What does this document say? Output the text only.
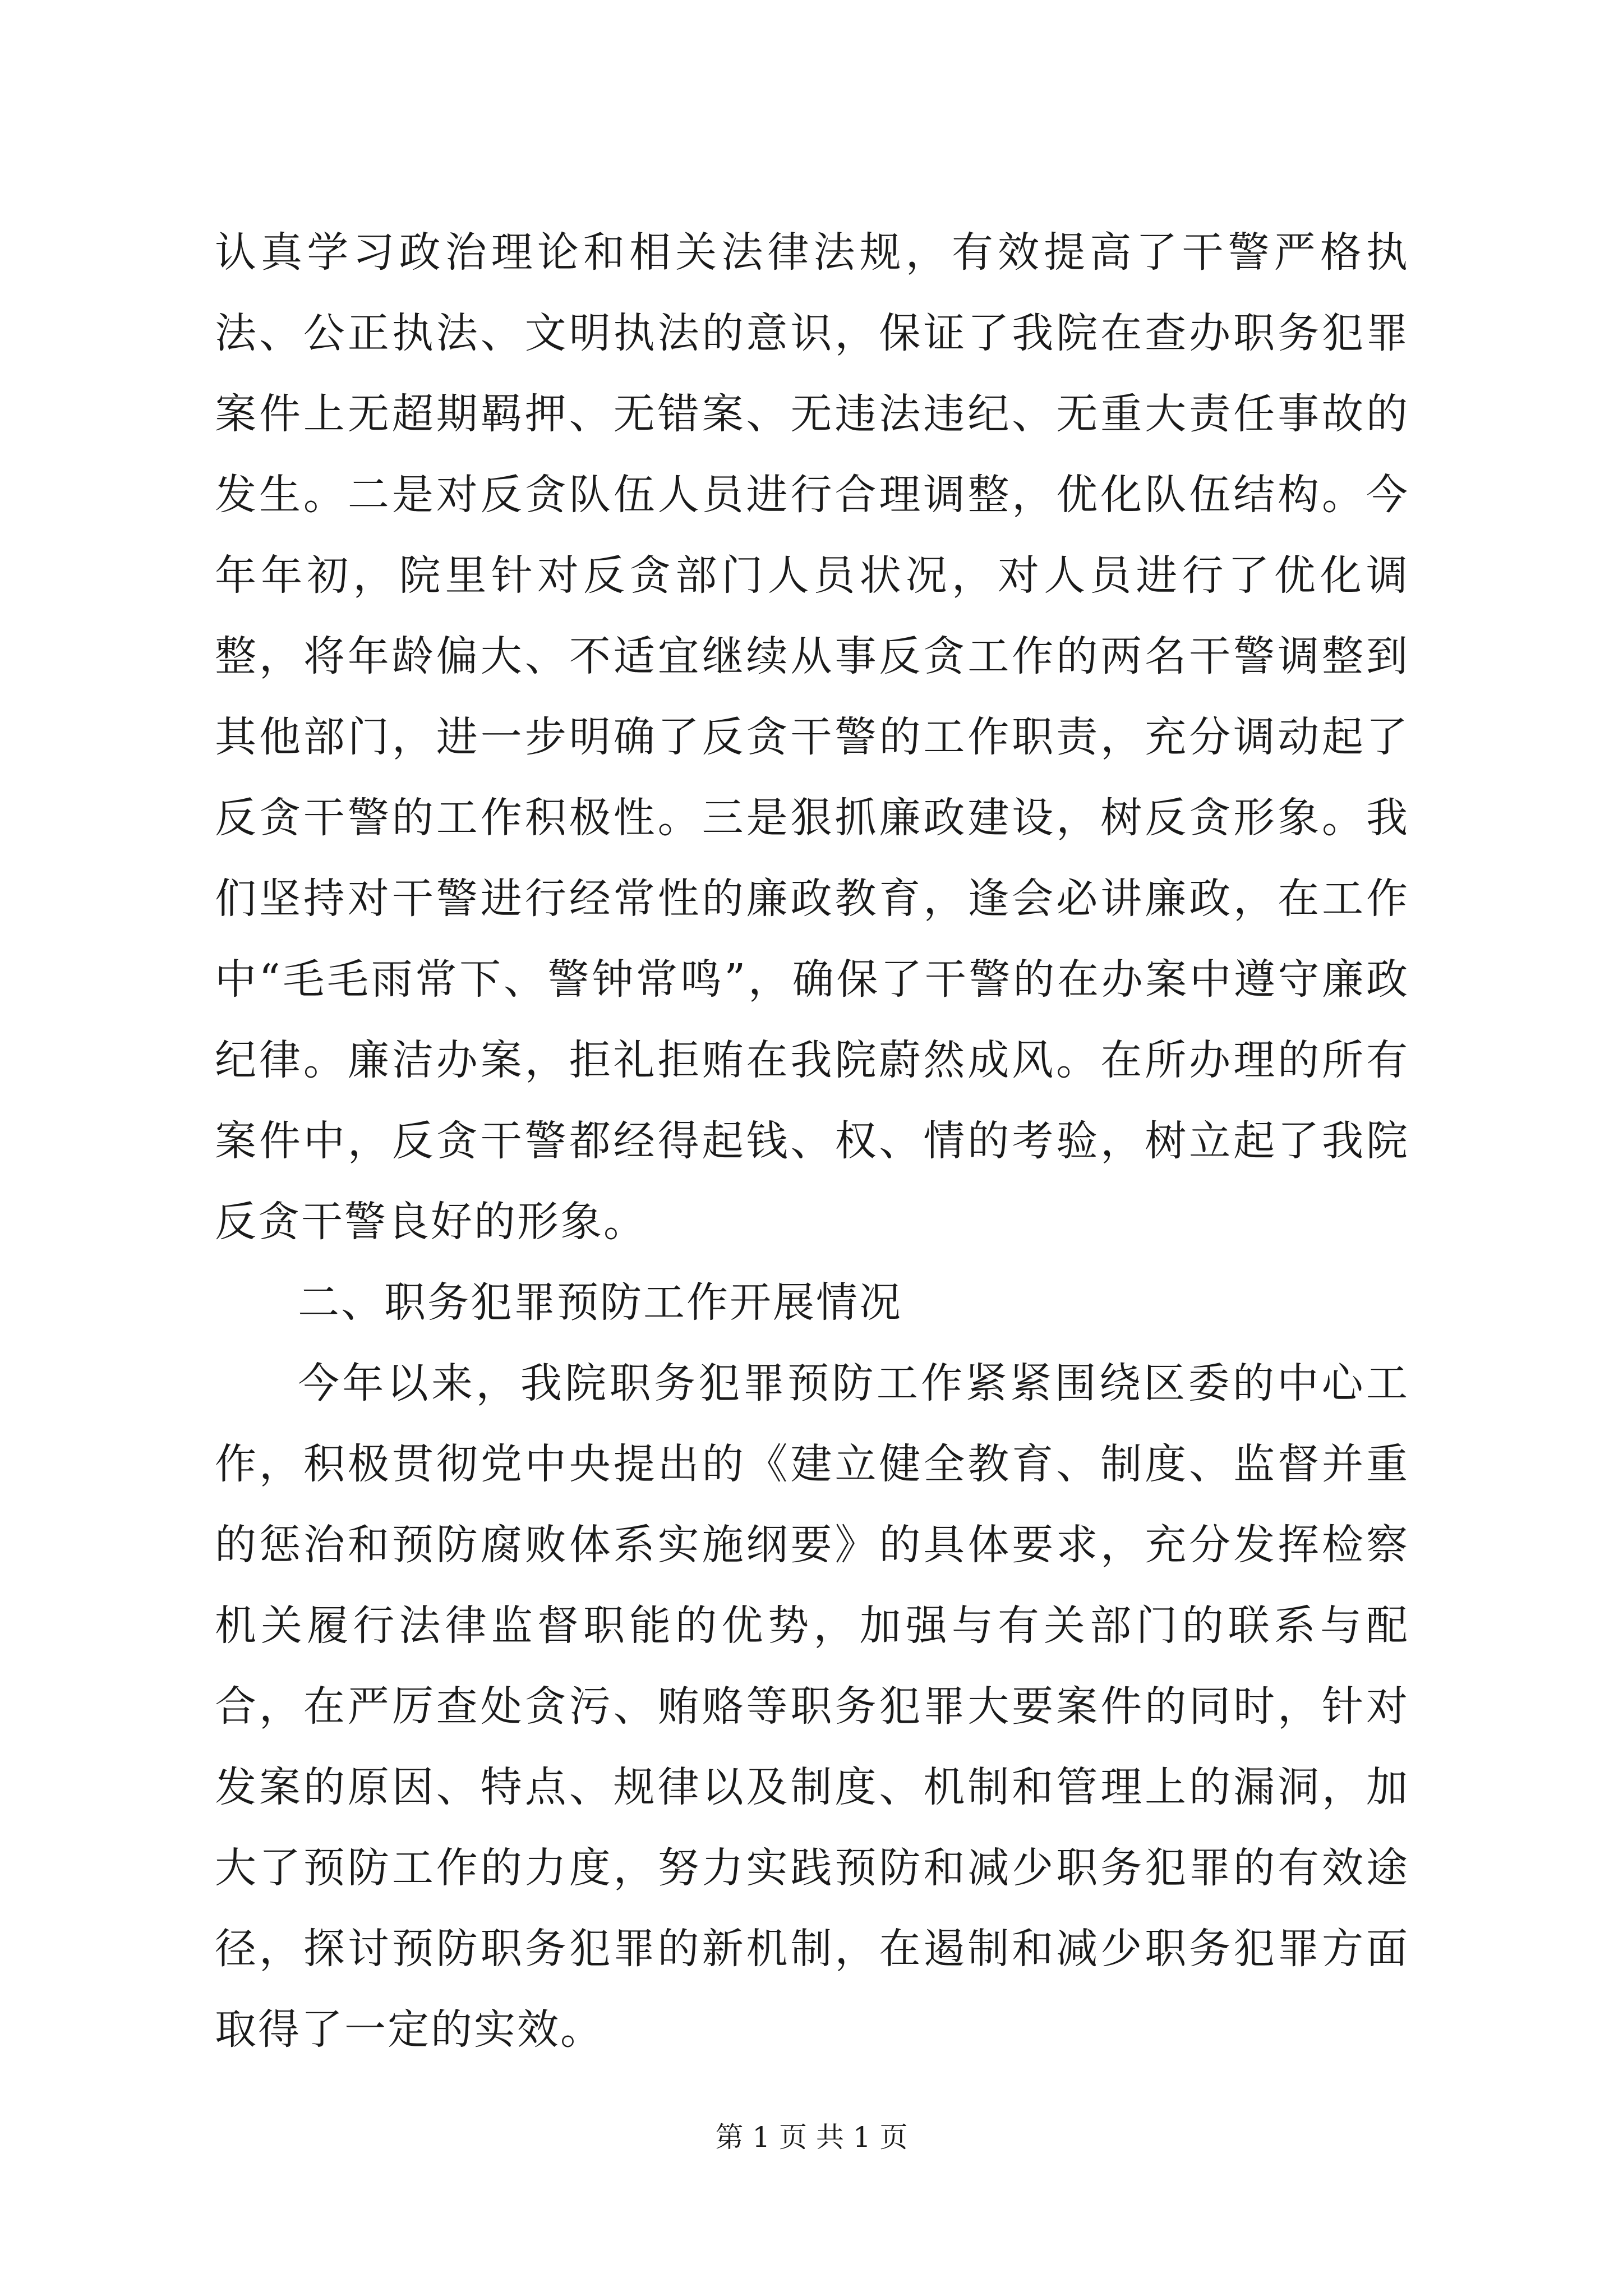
认真学习政治理论和相关法律法规，有效提高了干警严格执法、公正执法、文明执法的意识，保证了我院在查办职务犯罪案件上无超期羁押、无错案、无违法违纪、无重大责任事故的发生。二是对反贪队伍人员进行合理调整，优化队伍结构。今年年初，院里针对反贪部门人员状况，对人员进行了优化调整，将年龄偏大、不适宜继续从事反贪工作的两名干警调整到其他部门，进一步明确了反贪干警的工作职责，充分调动起了反贪干警的工作积极性。三是狠抓廉政建设，树反贪形象。我们坚持对干警进行经常性的廉政教育，逢会必讲廉政，在工作中“毛毛雨常下、警钟常鸣”，确保了干警的在办案中遵守廉政纪律。廉洁办案，拒礼拒贿在我院蔚然成风。在所办理的所有案件中，反贪干警都经得起钱、权、情的考验，树立起了我院反贪干警良好的形象。

二、职务犯罪预防工作开展情况

今年以来，我院职务犯罪预防工作紧紧围绕区委的中心工作，积极贯彻党中央提出的《建立健全教育、制度、监督并重的惩治和预防腐败体系实施纲要》的具体要求，充分发挥检察机关履行法律监督职能的优势，加强与有关部门的联系与配合，在严厉查处贪污、贿赂等职务犯罪大要案件的同时，针对发案的原因、特点、规律以及制度、机制和管理上的漏洞，加大了预防工作的力度，努力实践预防和减少职务犯罪的有效途径，探讨预防职务犯罪的新机制，在遏制和减少职务犯罪方面取得了一定的实效。

第 1 页 共 1 页
